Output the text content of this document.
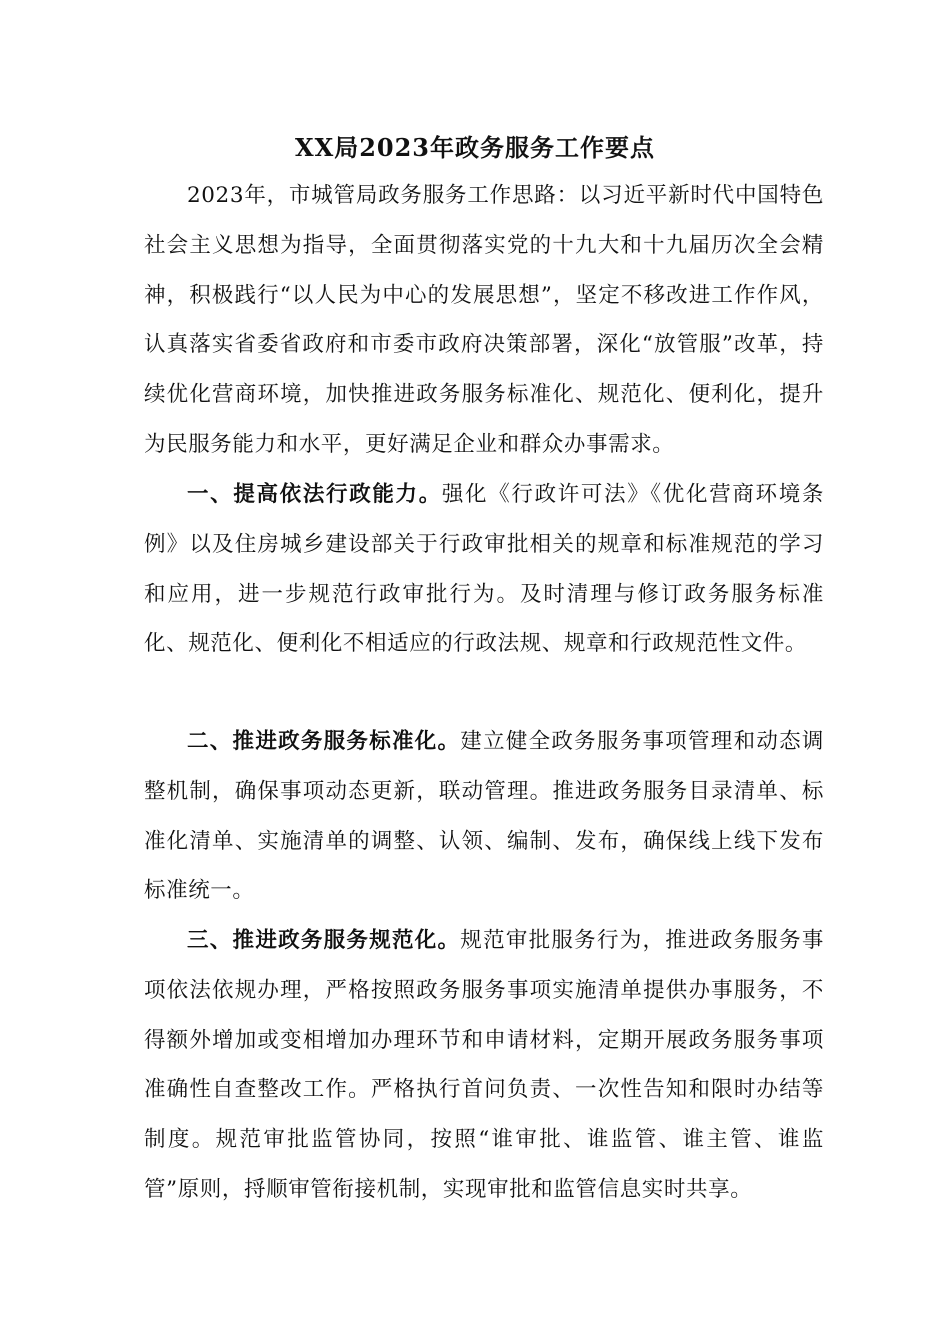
XX局2023年政务服务工作要点

2023年，市城管局政务服务工作思路：以习近平新时代中国特色社会主义思想为指导，全面贯彻落实党的十九大和十九届历次全会精神，积极践行“以人民为中心的发展思想”，坚定不移改进工作作风，认真落实省委省政府和市委市政府决策部署，深化“放管服”改革，持续优化营商环境，加快推进政务服务标准化、规范化、便利化，提升为民服务能力和水平，更好满足企业和群众办事需求。

一、提高依法行政能力。强化《行政许可法》《优化营商环境条例》以及住房城乡建设部关于行政审批相关的规章和标准规范的学习和应用，进一步规范行政审批行为。及时清理与修订政务服务标准化、规范化、便利化不相适应的行政法规、规章和行政规范性文件。

二、推进政务服务标准化。建立健全政务服务事项管理和动态调整机制，确保事项动态更新，联动管理。推进政务服务目录清单、标准化清单、实施清单的调整、认领、编制、发布，确保线上线下发布标准统一。

三、推进政务服务规范化。规范审批服务行为，推进政务服务事项依法依规办理，严格按照政务服务事项实施清单提供办事服务，不得额外增加或变相增加办理环节和申请材料，定期开展政务服务事项准确性自查整改工作。严格执行首问负责、一次性告知和限时办结等制度。规范审批监管协同，按照“谁审批、谁监管、谁主管、谁监管”原则，捋顺审管衔接机制，实现审批和监管信息实时共享。
